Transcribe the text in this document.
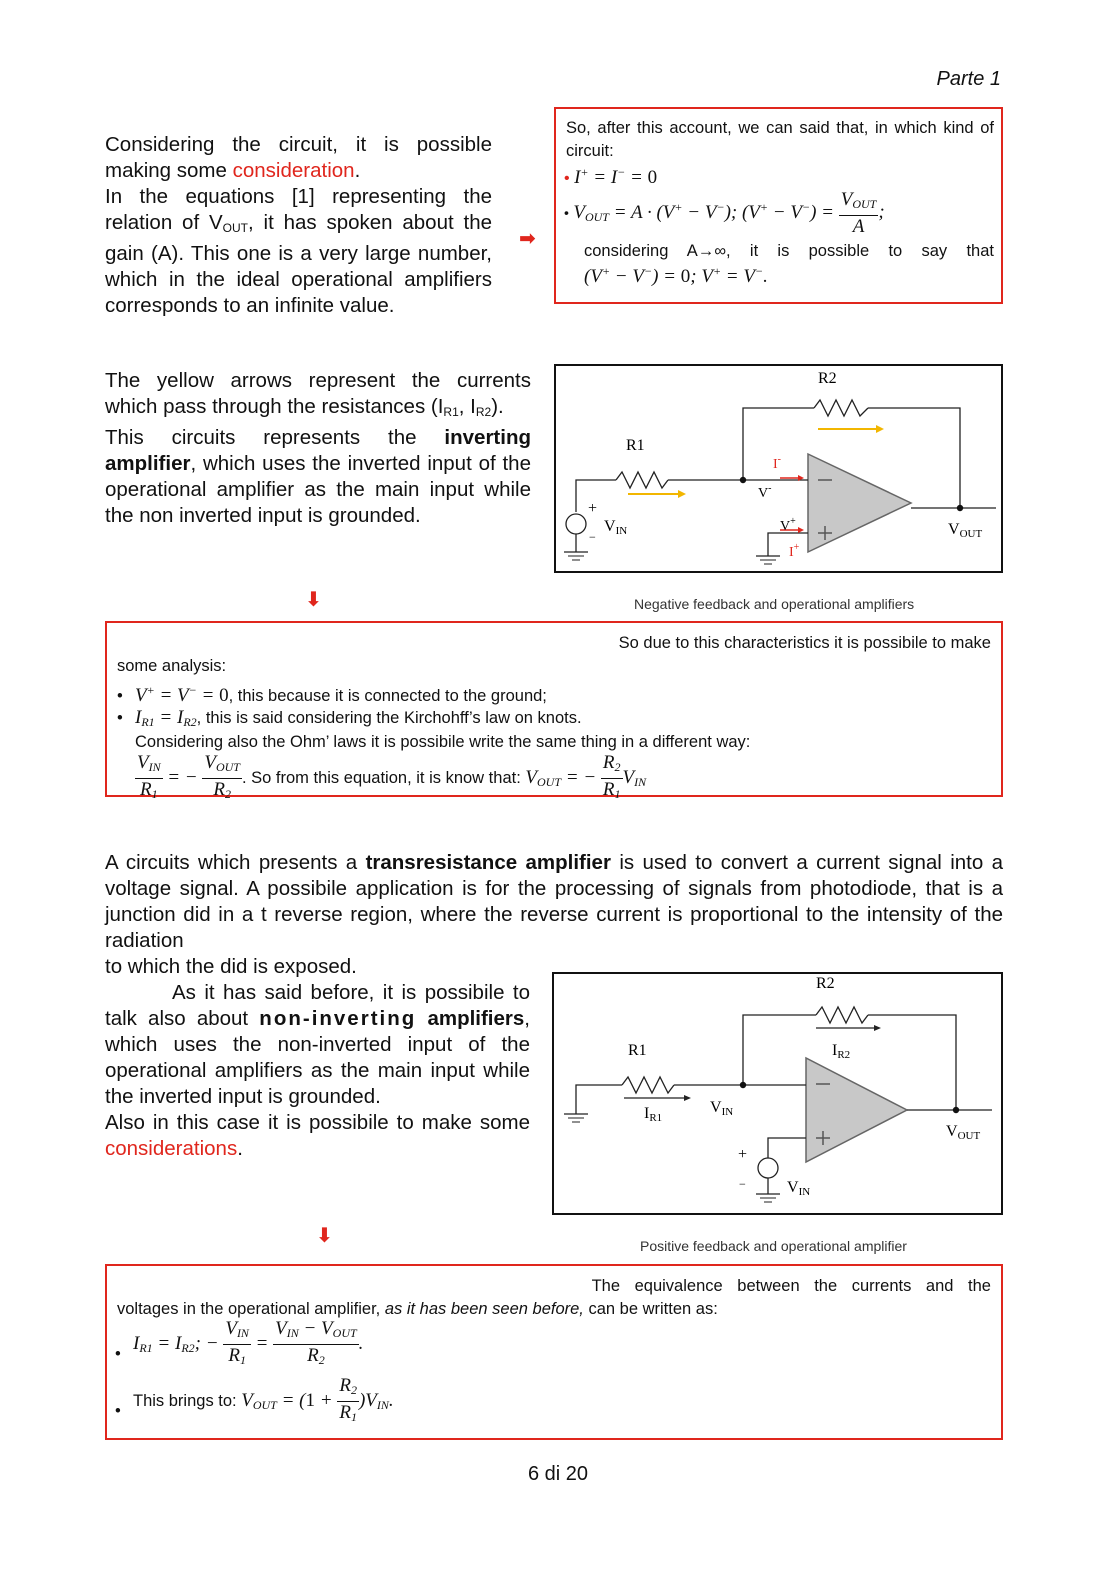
Parte 1

Considering the circuit, it is possible making some consideration.

In the equations [1] representing the relation of $V_{OUT}$, it has spoken about the gain (A). This one is a very large number, which in the ideal operational amplifiers corresponds to an infinite value.

➡
So, after this account, we can said that, in which kind of circuit:
• I+ = I− = 0
• $V_{OUT} = A \cdot (V^+ - V^-)$; $(V^+ - V^-) = \frac{V_{OUT}}{A}$ ;
considering A→∞, it is possible to say that
(V+ − V−) = 0; V+ = V−.

The yellow arrows represent the currents which pass through the resistances ($I_{R1}$, $I_{R2}$).

This circuits represents the inverting amplifier, which uses the inverted input of the operational amplifier as the main input while the non inverted input is grounded.	+
−
R2
R1
VIN	VOUT
V-
V+
I-
I+
Negative feedback and operational amplifiers
⬇
So due to this characteristics it is possibile to make
some analysis:
• V+ = V− = 0, this because it is connected to the ground;
• $I_{R1} = I_{R2}$, this is said considering the Kirchohff’s law on knots.
Considering also the Ohm’ laws it is possibile write the same thing in a different way:
$\frac{V_{IN}}{R_1}$ = − $\frac{V_{OUT}}{R_2}$ . So from this equation, it is know that: $V_{OUT}$ = − $\frac{R_2}{R_1} V_{IN}$

A circuits which presents a transresistance amplifier is used to convert a current signal into a voltage signal. A possibile application is for the processing of signals from photodiode, that is a junction did in a t reverse region, where the reverse current is proportional to the intensity of the radiation

to which the did is exposed.

As it has said before, it is possibile to talk also about non-inverting amplifiers, which uses the non-inverted input of the operational amplifiers as the main input while the inverted input is grounded.

Also in this case it is possibile to make some considerations.	+
−
R2
R1	IR2
IR1
VIN
VOUT
VIN
Positive feedback and operational amplifier
⬇
The equivalence between the currents and the
voltages in the operational amplifier, as it has been seen before, can be written as:
• $I_{R1} = I_{R2}$; − $\frac{V_{IN}}{R_1} = \frac{V_{IN} - V_{OUT}}{R_2}$ .
•This brings to: $V_{OUT} = (1 + \frac{R_2}{R_1} )V_{IN}$.
6 di 20
